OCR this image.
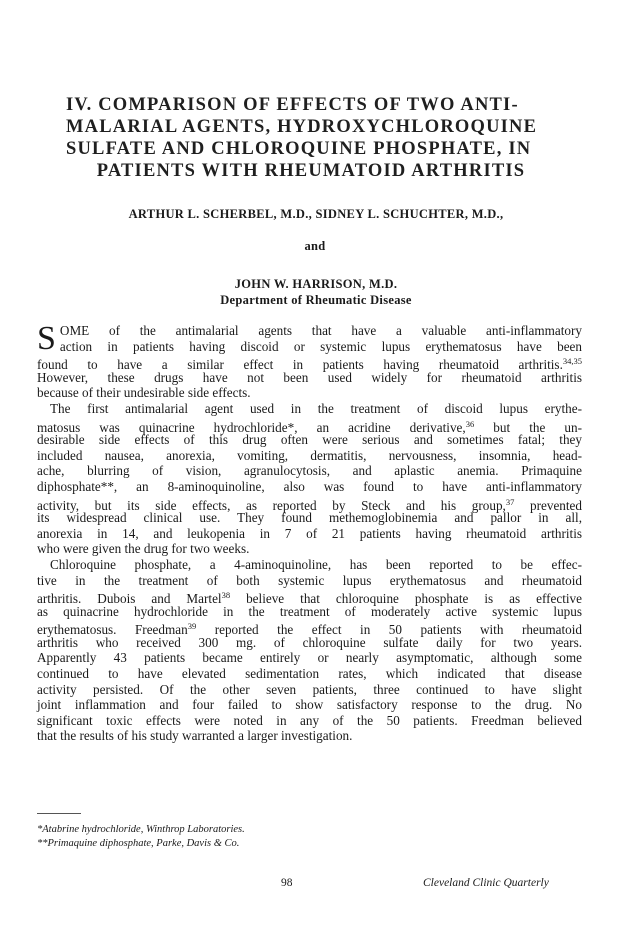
IV. COMPARISON OF EFFECTS OF TWO ANTI-
MALARIAL AGENTS, HYDROXYCHLOROQUINE
SULFATE AND CHLOROQUINE PHOSPHATE, IN
PATIENTS WITH RHEUMATOID ARTHRITIS
ARTHUR L. SCHERBEL, M.D., SIDNEY L. SCHUCHTER, M.D.,
and
JOHN W. HARRISON, M.D.
Department of Rheumatic Disease
S OME of the antimalarial agents that have a valuable anti-inflammatory
action in patients having discoid or systemic lupus erythematosus have been
found to have a similar effect in patients having rheumatoid arthritis.$^{34,35}$
However, these drugs have not been used widely for rheumatoid arthritis
because of their undesirable side effects.
The first antimalarial agent used in the treatment of discoid lupus erythe-
matosus was quinacrine hydrochloride*, an acridine derivative,$^{36}$ but the un-
desirable side effects of this drug often were serious and sometimes fatal; they
included nausea, anorexia, vomiting, dermatitis, nervousness, insomnia, head-
ache, blurring of vision, agranulocytosis, and aplastic anemia. Primaquine
diphosphate**, an 8-aminoquinoline, also was found to have anti-inflammatory
activity, but its side effects, as reported by Steck and his group,$^{37}$ prevented
its widespread clinical use. They found methemoglobinemia and pallor in all,
anorexia in 14, and leukopenia in 7 of 21 patients having rheumatoid arthritis
who were given the drug for two weeks.
Chloroquine phosphate, a 4-aminoquinoline, has been reported to be effec-
tive in the treatment of both systemic lupus erythematosus and rheumatoid
arthritis. Dubois and Martel$^{38}$ believe that chloroquine phosphate is as effective
as quinacrine hydrochloride in the treatment of moderately active systemic lupus
erythematosus. Freedman$^{39}$ reported the effect in 50 patients with rheumatoid
arthritis who received 300 mg. of chloroquine sulfate daily for two years.
Apparently 43 patients became entirely or nearly asymptomatic, although some
continued to have elevated sedimentation rates, which indicated that disease
activity persisted. Of the other seven patients, three continued to have slight
joint inflammation and four failed to show satisfactory response to the drug. No
significant toxic effects were noted in any of the 50 patients. Freedman believed
that the results of his study warranted a larger investigation.
*Atabrine hydrochloride, Winthrop Laboratories.
**Primaquine diphosphate, Parke, Davis & Co.
98	Cleveland Clinic Quarterly
